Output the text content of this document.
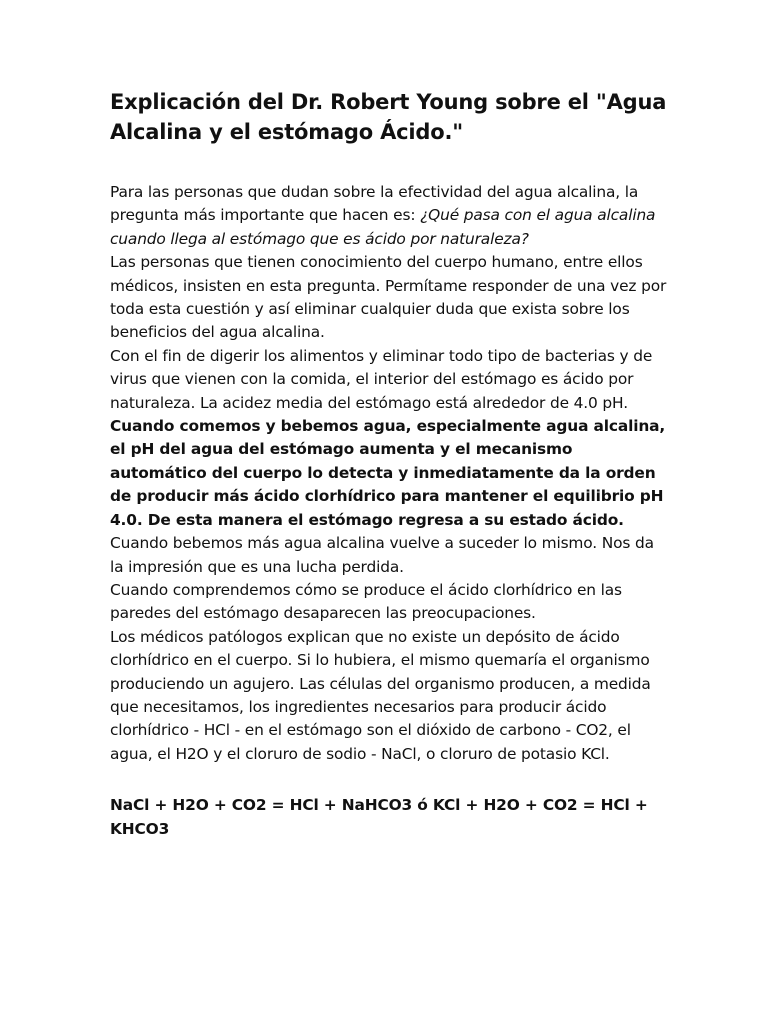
Explicación del Dr. Robert Young sobre el "Agua Alcalina y el estómago Ácido."

Para las personas que dudan sobre la efectividad del agua alcalina, la pregunta más importante que hacen es: ¿Qué pasa con el agua alcalina cuando llega al estómago que es ácido por naturaleza?

Las personas que tienen conocimiento del cuerpo humano, entre ellos médicos, insisten en esta pregunta. Permítame responder de una vez por toda esta cuestión y así eliminar cualquier duda que exista sobre los beneficios del agua alcalina.

Con el fin de digerir los alimentos y eliminar todo tipo de bacterias y de virus que vienen con la comida, el interior del estómago es ácido por naturaleza. La acidez media del estómago está alrededor de 4.0 pH.

Cuando comemos y bebemos agua, especialmente agua alcalina, el pH del agua del estómago aumenta y el mecanismo automático del cuerpo lo detecta y inmediatamente da la orden de producir más ácido clorhídrico para mantener el equilibrio pH 4.0. De esta manera el estómago regresa a su estado ácido.

Cuando bebemos más agua alcalina vuelve a suceder lo mismo. Nos da la impresión que es una lucha perdida.

Cuando comprendemos cómo se produce el ácido clorhídrico en las paredes del estómago desaparecen las preocupaciones.

Los médicos patólogos explican que no existe un depósito de ácido clorhídrico en el cuerpo. Si lo hubiera, el mismo quemaría el organismo produciendo un agujero. Las células del organismo producen, a medida que necesitamos, los ingredientes necesarios para producir ácido clorhídrico - HCl - en el estómago son el dióxido de carbono - CO2, el agua, el H2O y el cloruro de sodio - NaCl, o cloruro de potasio KCl.

NaCl + H2O + CO2 = HCl + NaHCO3 ó KCl + H2O + CO2 = HCl + KHCO3
